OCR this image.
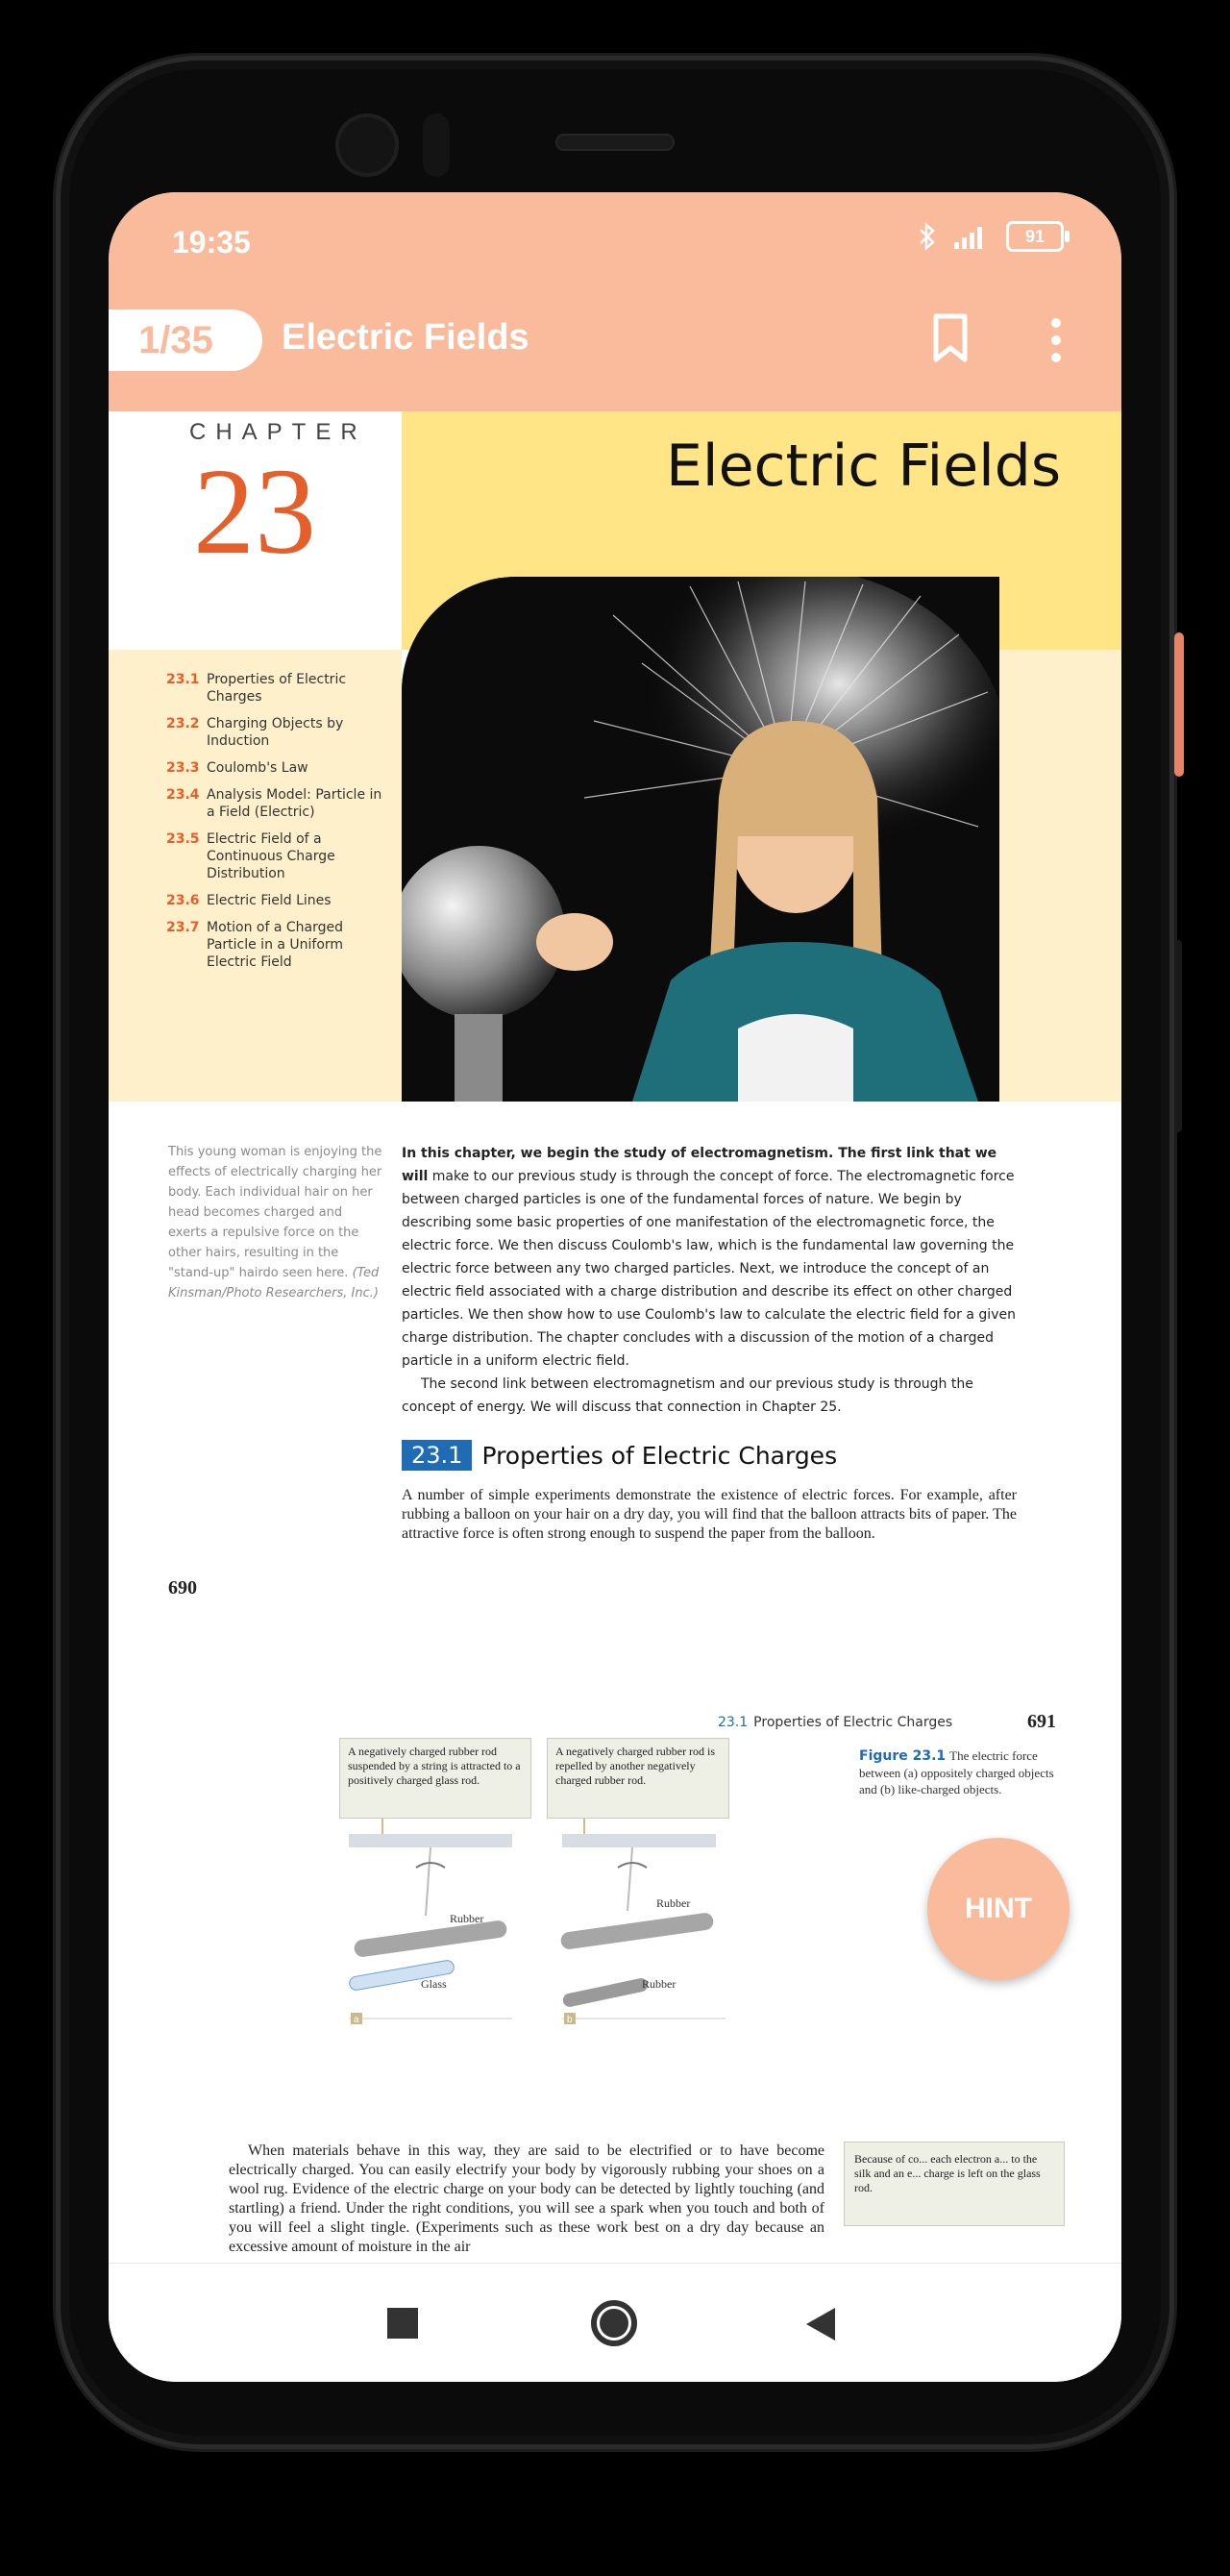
19:35	91
1/35	Electric Fields
CHAPTER
23	Electric Fields
23.1 Properties of Electric Charges
23.2 Charging Objects by Induction
23.3 Coulomb's Law
23.4 Analysis Model: Particle in a Field (Electric)
23.5 Electric Field of a Continuous Charge Distribution
23.6 Electric Field Lines
23.7 Motion of a Charged Particle in a Uniform Electric Field
This young woman is enjoying the effects of electrically charging her body. Each individual hair on her head becomes charged and exerts a repulsive force on the other hairs, resulting in the "stand-up" hairdo seen here. (Ted Kinsman/Photo Researchers, Inc.)

In this chapter, we begin the study of electromagnetism. The first link that we will make to our previous study is through the concept of force. The electromagnetic force between charged particles is one of the fundamental forces of nature. We begin by describing some basic properties of one manifestation of the electromagnetic force, the electric force. We then discuss Coulomb's law, which is the fundamental law governing the electric force between any two charged particles. Next, we introduce the concept of an electric field associated with a charge distribution and describe its effect on other charged particles. We then show how to use Coulomb's law to calculate the electric field for a given charge distribution. The chapter concludes with a discussion of the motion of a charged particle in a uniform electric field.

The second link between electromagnetism and our previous study is through the concept of energy. We will discuss that connection in Chapter 25.

23.1 Properties of Electric Charges
A number of simple experiments demonstrate the existence of electric forces. For example, after rubbing a balloon on your hair on a dry day, you will find that the balloon attracts bits of paper. The attractive force is often strong enough to suspend the paper from the balloon.
690
23.1 Properties of Electric Charges	691
Figure 23.1 The electric force between (a) oppositely charged objects and (b) like-charged objects.
A negatively charged rubber rod suspended by a string is attracted to a positively charged glass rod.
A negatively charged rubber rod is repelled by another negatively charged rubber rod.
Rubber
Rubber
Rubber
Glass
a	b
When materials behave in this way, they are said to be electrified or to have become electrically charged. You can easily electrify your body by vigorously rubbing your shoes on a wool rug. Evidence of the electric charge on your body can be detected by lightly touching (and startling) a friend. Under the right conditions, you will see a spark when you touch and both of you will feel a slight tingle. (Experiments such as these work best on a dry day because an excessive amount of moisture in the air
Because of co... each electron a... to the silk and an e... charge is left on the glass rod.
HINT
